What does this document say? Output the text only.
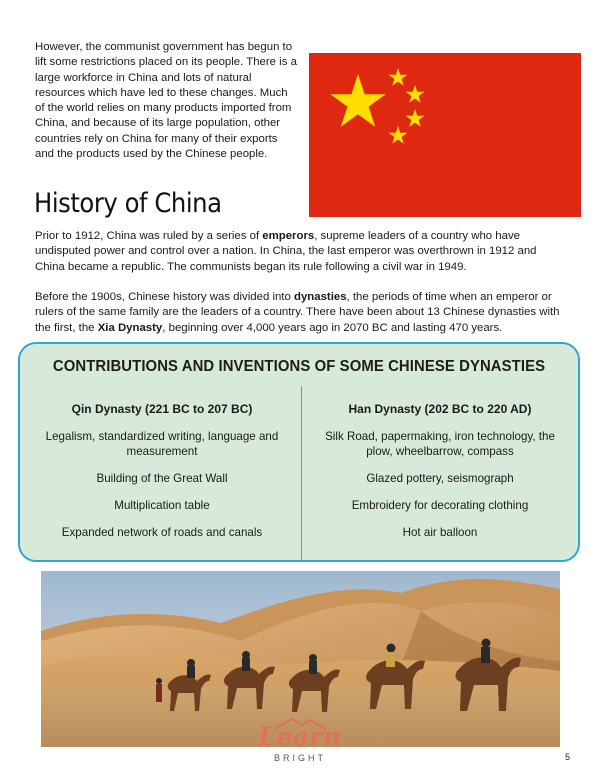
However, the communist government has begun to lift some restrictions placed on its people. There is a large workforce in China and lots of natural resources which have led to these changes. Much of the world relies on many products imported from China, and because of its large population, other countries rely on China for many of their exports and the products used by the Chinese people.
History of China

Prior to 1912, China was ruled by a series of emperors, supreme leaders of a country who have undisputed power and control over a nation. In China, the last emperor was overthrown in 1912 and China became a republic. The communists began its rule following a civil war in 1949.

Before the 1900s, Chinese history was divided into dynasties, the periods of time when an emperor or rulers of the same family are the leaders of a country. There have been about 13 Chinese dynasties with the first, the Xia Dynasty, beginning over 4,000 years ago in 2070 BC and lasting 470 years.

CONTRIBUTIONS AND INVENTIONS OF SOME CHINESE DYNASTIES

Qin Dynasty (221 BC to 207 BC)

Legalism, standardized writing, language and measurement

Building of the Great Wall

Multiplication table

Expanded network of roads and canals

Han Dynasty (202 BC to 220 AD)

Silk Road, papermaking, iron technology, the plow, wheelbarrow, compass

Glazed pottery, seismograph

Embroidery for decorating clothing

Hot air balloon

Learn
BRIGHT	5
